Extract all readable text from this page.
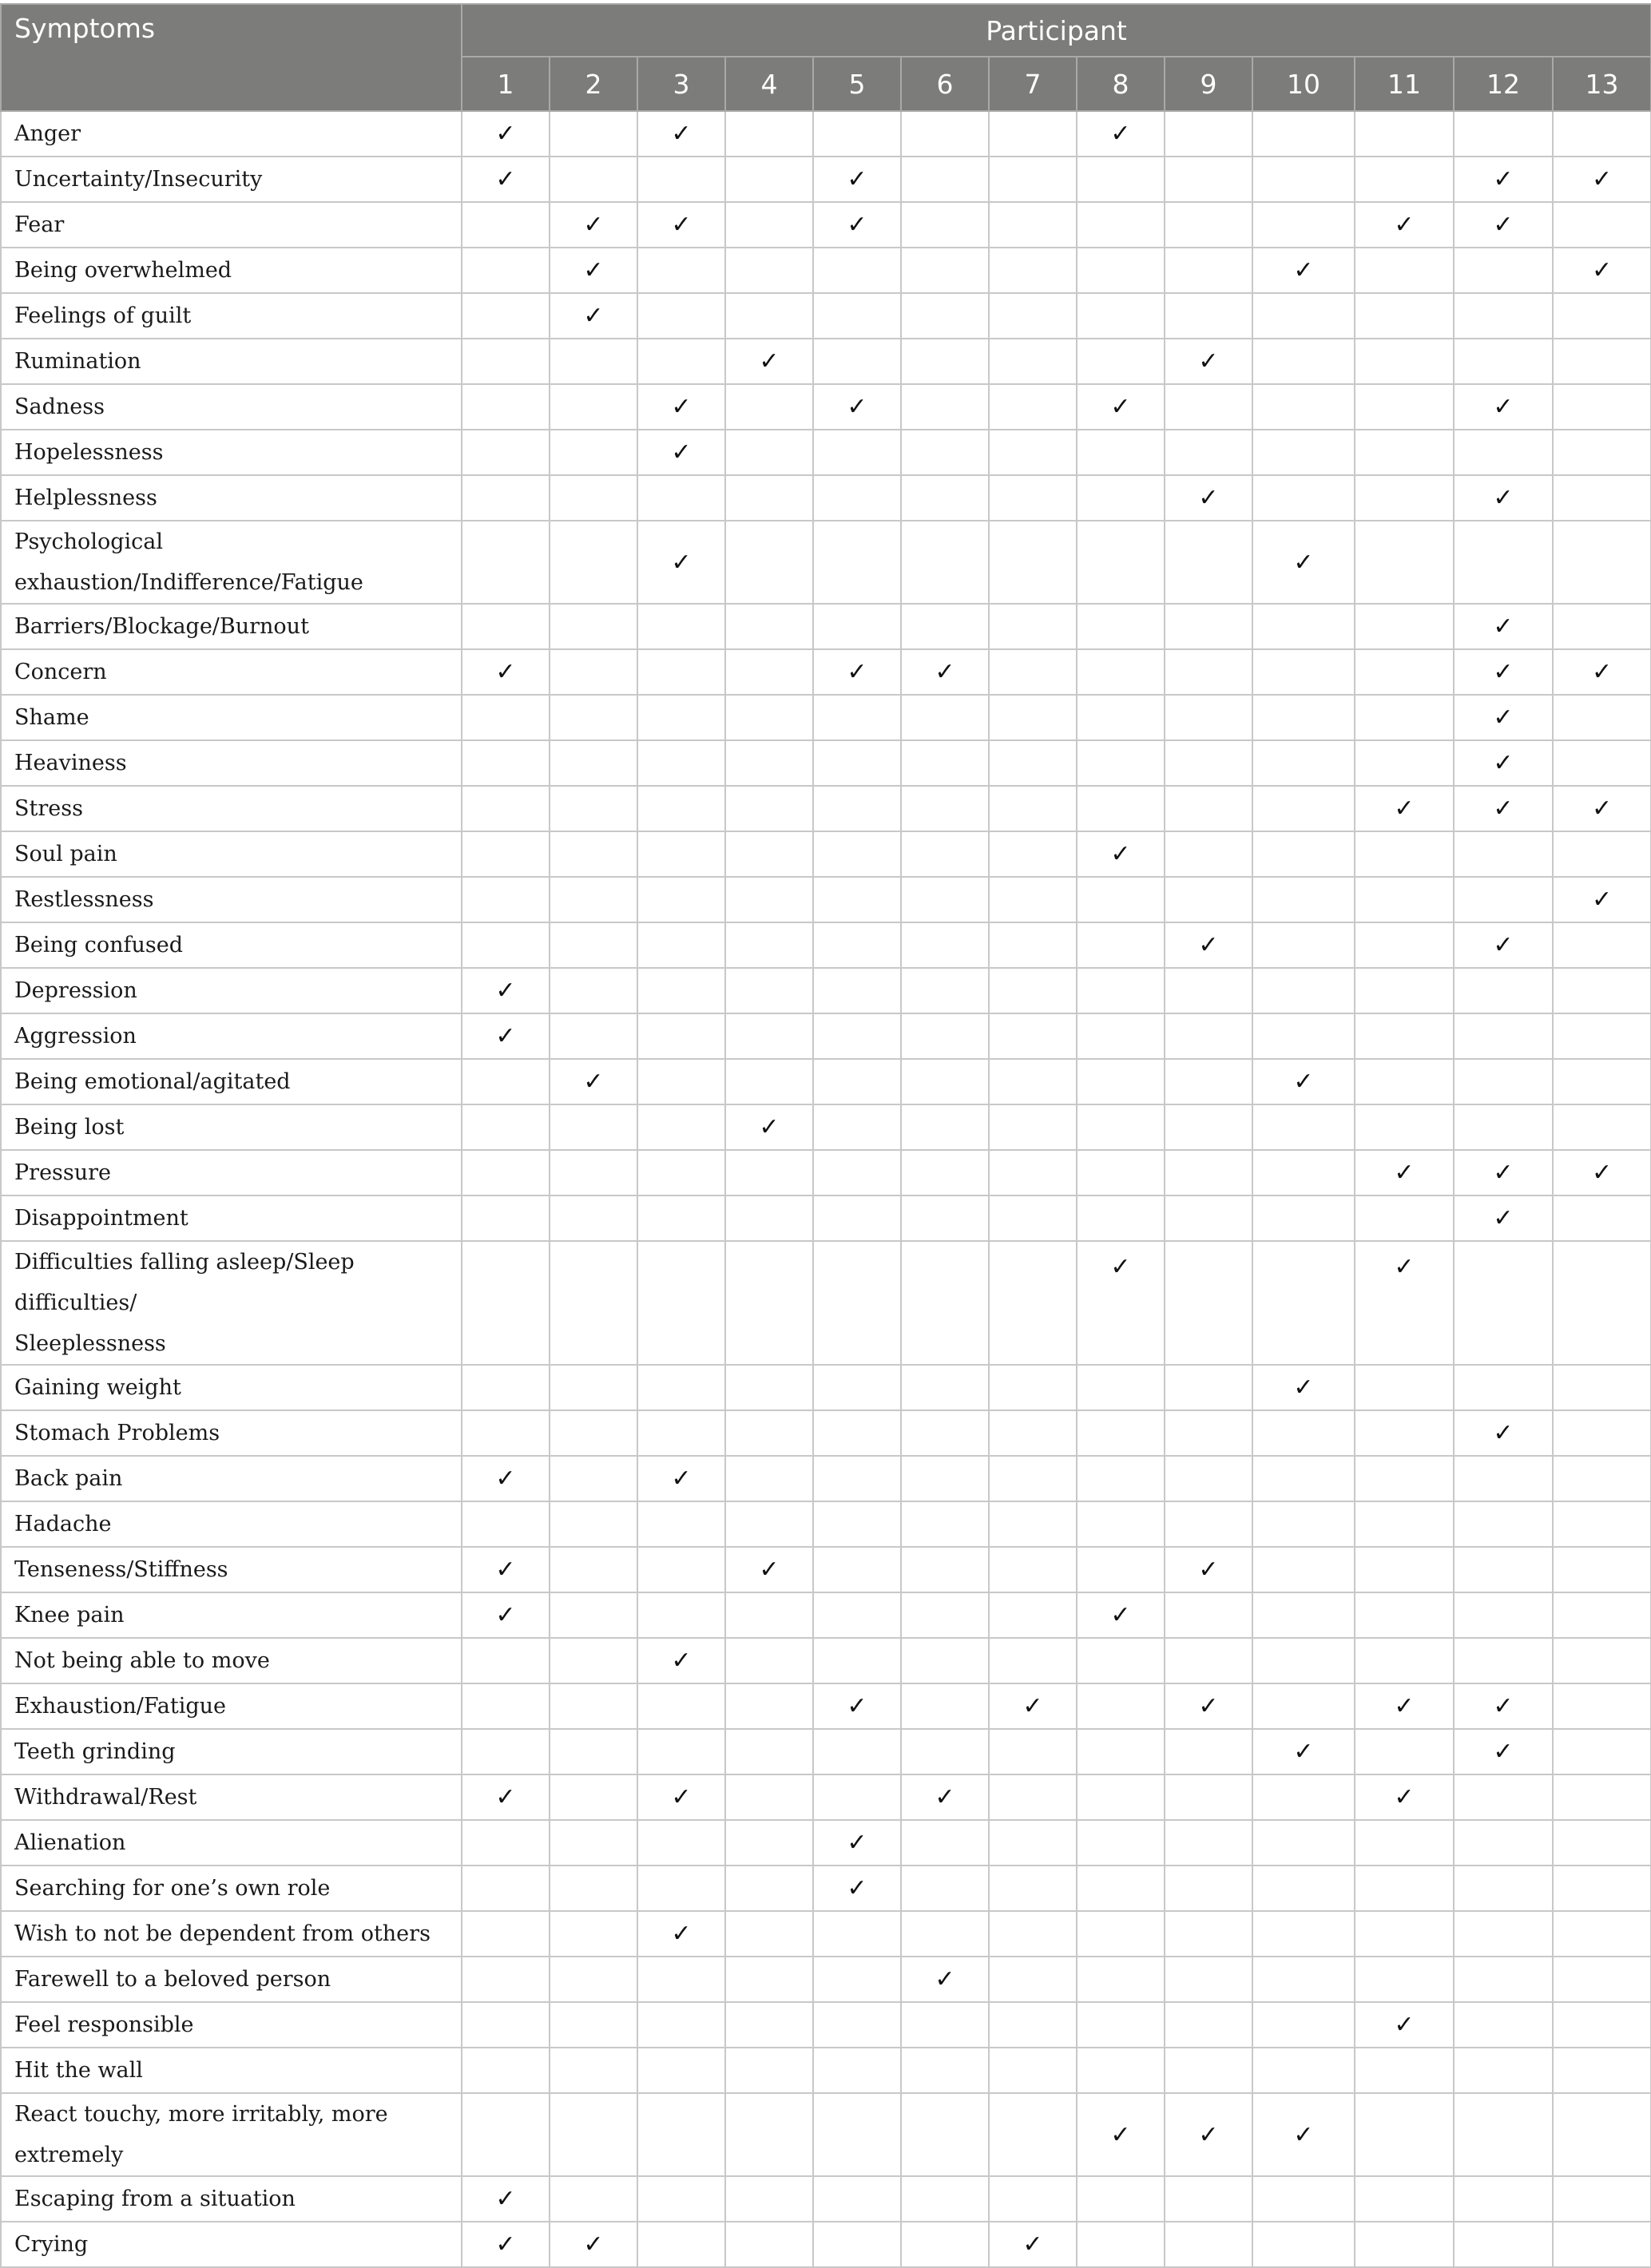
Symptoms	Participant												
	1	2	3	4	5	6	7	8	9	10	11	12	13

Anger	✓		✓					✓					

Uncertainty/Insecurity	✓				✓							✓	✓

Fear		✓	✓		✓						✓	✓	

Being overwhelmed		✓								✓			✓

Feelings of guilt		✓											

Rumination				✓					✓				

Sadness			✓		✓			✓				✓	

Hopelessness			✓										

Helplessness									✓			✓	

Psychological exhaustion/Indifference/Fatigue			✓							✓			

Barriers/Blockage/Burnout												✓	

Concern	✓				✓	✓						✓	✓

Shame												✓	

Heaviness												✓	

Stress											✓	✓	✓

Soul pain								✓					

Restlessness													✓

Being confused									✓			✓	

Depression	✓												

Aggression	✓												

Being emotional/agitated		✓								✓			

Being lost				✓									

Pressure											✓	✓	✓

Disappointment												✓	

Difficulties falling asleep/Sleep difficulties/
Sleeplessness								✓			✓		

Gaining weight										✓			

Stomach Problems												✓	

Back pain	✓		✓										

Hadache													

Tenseness/Stiffness	✓			✓					✓				

Knee pain	✓							✓					

Not being able to move			✓										

Exhaustion/Fatigue					✓		✓		✓		✓	✓	

Teeth grinding										✓		✓	

Withdrawal/Rest	✓		✓			✓					✓		

Alienation					✓								

Searching for one’s own role					✓								

Wish to not be dependent from others			✓										

Farewell to a beloved person						✓							

Feel responsible											✓		

Hit the wall													

React touchy, more irritably, more extremely								✓	✓	✓			

Escaping from a situation	✓												

Crying	✓	✓					✓						
